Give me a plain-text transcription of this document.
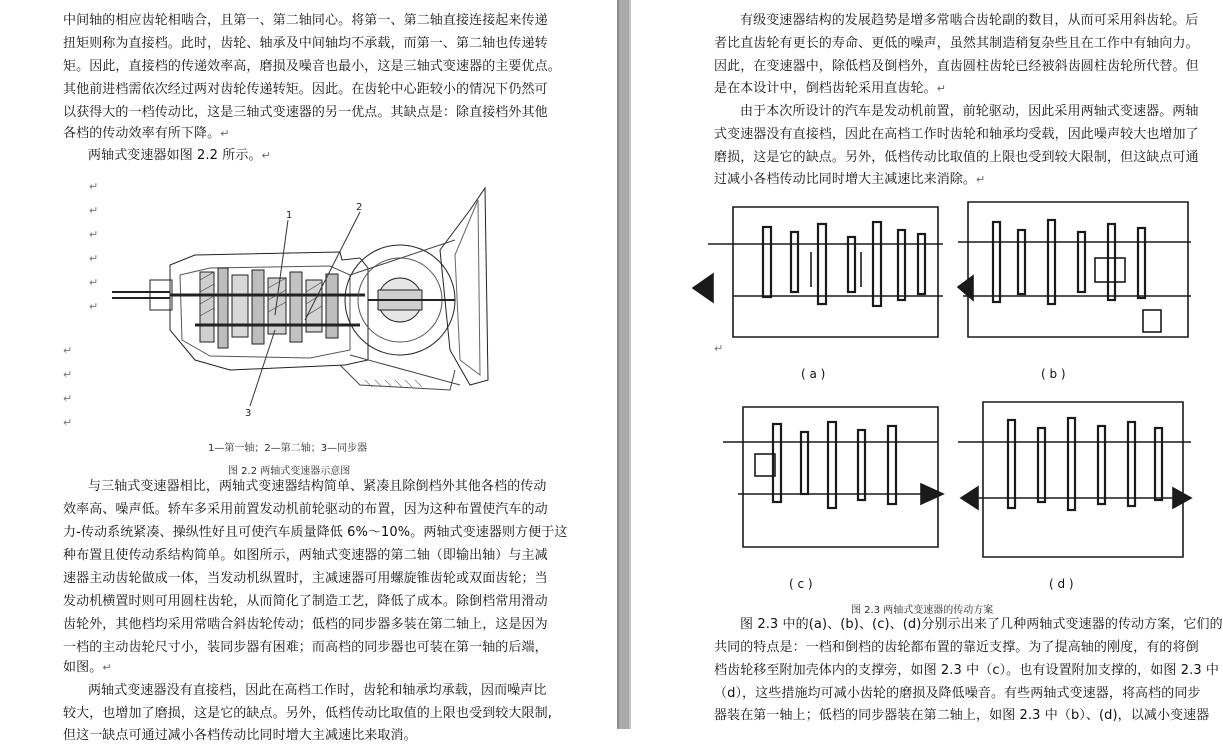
中间轴的相应齿轮相啮合，且第一、第二轴同心。将第一、第二轴直接连接起来传递
扭矩则称为直接档。此时，齿轮、轴承及中间轴均不承载，而第一、第二轴也传递转
矩。因此，直接档的传递效率高，磨损及噪音也最小，这是三轴式变速器的主要优点。
其他前进档需依次经过两对齿轮传递转矩。因此。在齿轮中心距较小的情况下仍然可
以获得大的一档传动比，这是三轴式变速器的另一优点。其缺点是：除直接档外其他
各档的传动效率有所下降。↵
两轴式变速器如图 2.2 所示。↵
↵
↵
↵
↵
↵
↵
↵
↵
↵
↵
1
2
3
1—第一轴；2—第二轴；3—同步器
图 2.2 两轴式变速器示意图
与三轴式变速器相比，两轴式变速器结构简单、紧凑且除倒档外其他各档的传动
效率高、噪声低。轿车多采用前置发动机前轮驱动的布置，因为这种布置使汽车的动
力-传动系统紧凑、操纵性好且可使汽车质量降低 6%～10%。两轴式变速器则方便于这
种布置且使传动系结构简单。如图所示，两轴式变速器的第二轴（即输出轴）与主减
速器主动齿轮做成一体，当发动机纵置时，主减速器可用螺旋锥齿轮或双面齿轮；当
发动机横置时则可用圆柱齿轮，从而简化了制造工艺，降低了成本。除倒档常用滑动
齿轮外，其他档均采用常啮合斜齿轮传动；低档的同步器多装在第二轴上，这是因为
一档的主动齿轮尺寸小，装同步器有困难；而高档的同步器也可装在第一轴的后端，
如图。↵
两轴式变速器没有直接档，因此在高档工作时，齿轮和轴承均承载，因而噪声比
较大，也增加了磨损，这是它的缺点。另外，低档传动比取值的上限也受到较大限制,
但这一缺点可通过减小各档传动比同时增大主减速比来取消。
有级变速器结构的发展趋势是增多常啮合齿轮副的数目，从而可采用斜齿轮。后
者比直齿轮有更长的寿命、更低的噪声，虽然其制造稍复杂些且在工作中有轴向力。
因此，在变速器中，除低档及倒档外，直齿圆柱齿轮已经被斜齿圆柱齿轮所代替。但
是在本设计中，倒档齿轮采用直齿轮。↵
由于本次所设计的汽车是发动机前置，前轮驱动，因此采用两轴式变速器。两轴
式变速器没有直接档，因此在高档工作时齿轮和轴承均受载，因此噪声较大也增加了
磨损，这是它的缺点。另外，低档传动比取值的上限也受到较大限制，但这缺点可通
过减小各档传动比同时增大主减速比来消除。↵
( a )	( b )
( c )	( d )
↵
图 2.3 两轴式变速器的传动方案
图 2.3 中的(a)、(b)、(c)、(d)分别示出来了几种两轴式变速器的传动方案，它们的
共同的特点是：一档和倒档的齿轮都布置的靠近支撑。为了提高轴的刚度，有的将倒
档齿轮移至附加壳体内的支撑旁，如图 2.3 中（c）。也有设置附加支撑的，如图 2.3 中
（d），这些措施均可减小齿轮的磨损及降低噪音。有些两轴式变速器，将高档的同步
器装在第一轴上；低档的同步器装在第二轴上，如图 2.3 中（b）、(d)，以减小变速器
